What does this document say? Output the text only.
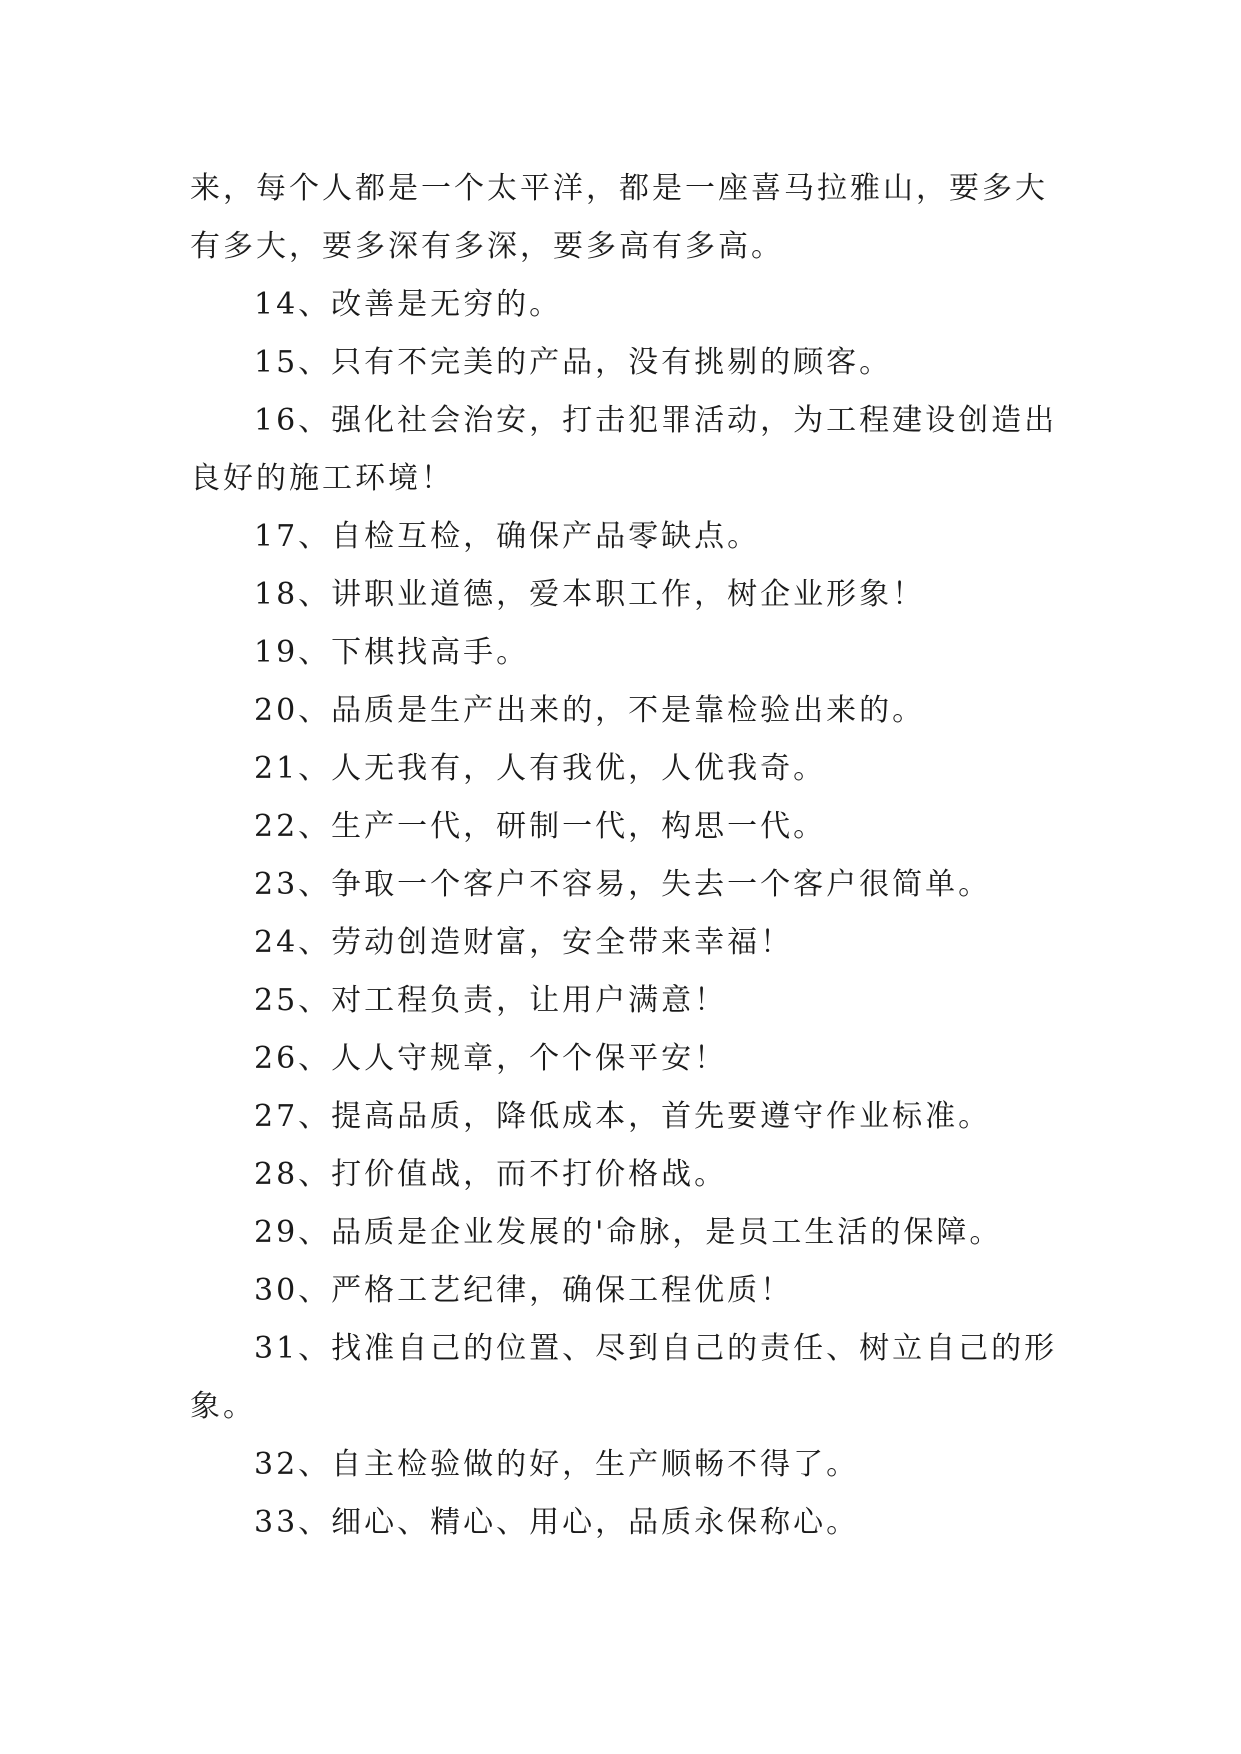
来，每个人都是一个太平洋，都是一座喜马拉雅山，要多大有多大，要多深有多深，要多高有多高。

14、改善是无穷的。

15、只有不完美的产品，没有挑剔的顾客。

16、强化社会治安，打击犯罪活动，为工程建设创造出良好的施工环境！

17、自检互检，确保产品零缺点。

18、讲职业道德，爱本职工作，树企业形象！

19、下棋找高手。

20、品质是生产出来的，不是靠检验出来的。

21、人无我有，人有我优，人优我奇。

22、生产一代，研制一代，构思一代。

23、争取一个客户不容易，失去一个客户很简单。

24、劳动创造财富，安全带来幸福！

25、对工程负责，让用户满意！

26、人人守规章，个个保平安！

27、提高品质，降低成本，首先要遵守作业标准。

28、打价值战，而不打价格战。

29、品质是企业发展的'命脉，是员工生活的保障。

30、严格工艺纪律，确保工程优质！

31、找准自己的位置、尽到自己的责任、树立自己的形象。

32、自主检验做的好，生产顺畅不得了。

33、细心、精心、用心，品质永保称心。
